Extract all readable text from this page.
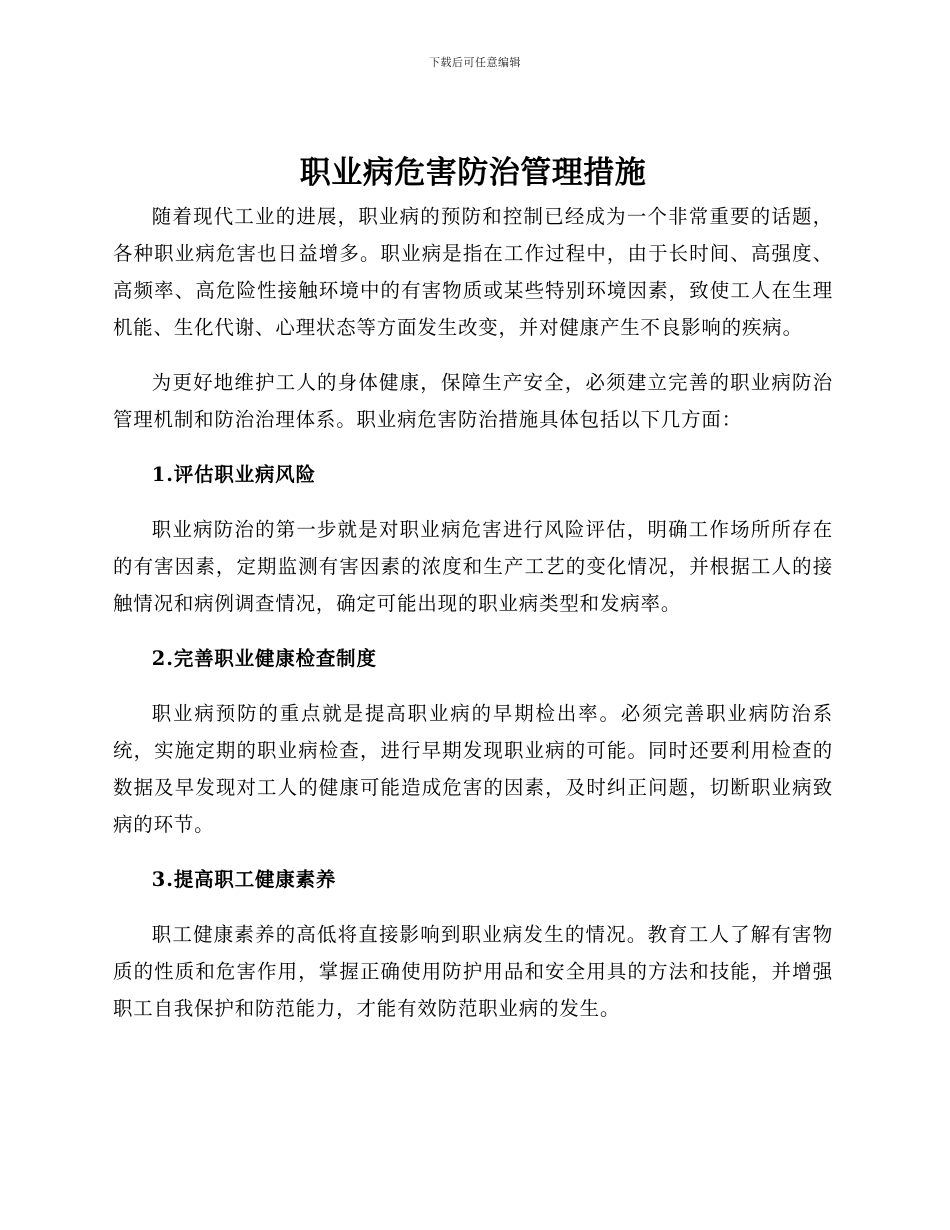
下载后可任意编辑
职业病危害防治管理措施

随着现代工业的进展，职业病的预防和控制已经成为一个非常重要的话题，各种职业病危害也日益增多。职业病是指在工作过程中，由于长时间、高强度、高频率、高危险性接触环境中的有害物质或某些特别环境因素，致使工人在生理机能、生化代谢、心理状态等方面发生改变，并对健康产生不良影响的疾病。

为更好地维护工人的身体健康，保障生产安全，必须建立完善的职业病防治管理机制和防治治理体系。职业病危害防治措施具体包括以下几方面：

1.评估职业病风险

职业病防治的第一步就是对职业病危害进行风险评估，明确工作场所所存在的有害因素，定期监测有害因素的浓度和生产工艺的变化情况，并根据工人的接触情况和病例调查情况，确定可能出现的职业病类型和发病率。

2.完善职业健康检查制度

职业病预防的重点就是提高职业病的早期检出率。必须完善职业病防治系统，实施定期的职业病检查，进行早期发现职业病的可能。同时还要利用检查的数据及早发现对工人的健康可能造成危害的因素，及时纠正问题，切断职业病致病的环节。

3.提高职工健康素养

职工健康素养的高低将直接影响到职业病发生的情况。教育工人了解有害物质的性质和危害作用，掌握正确使用防护用品和安全用具的方法和技能，并增强职工自我保护和防范能力，才能有效防范职业病的发生。
